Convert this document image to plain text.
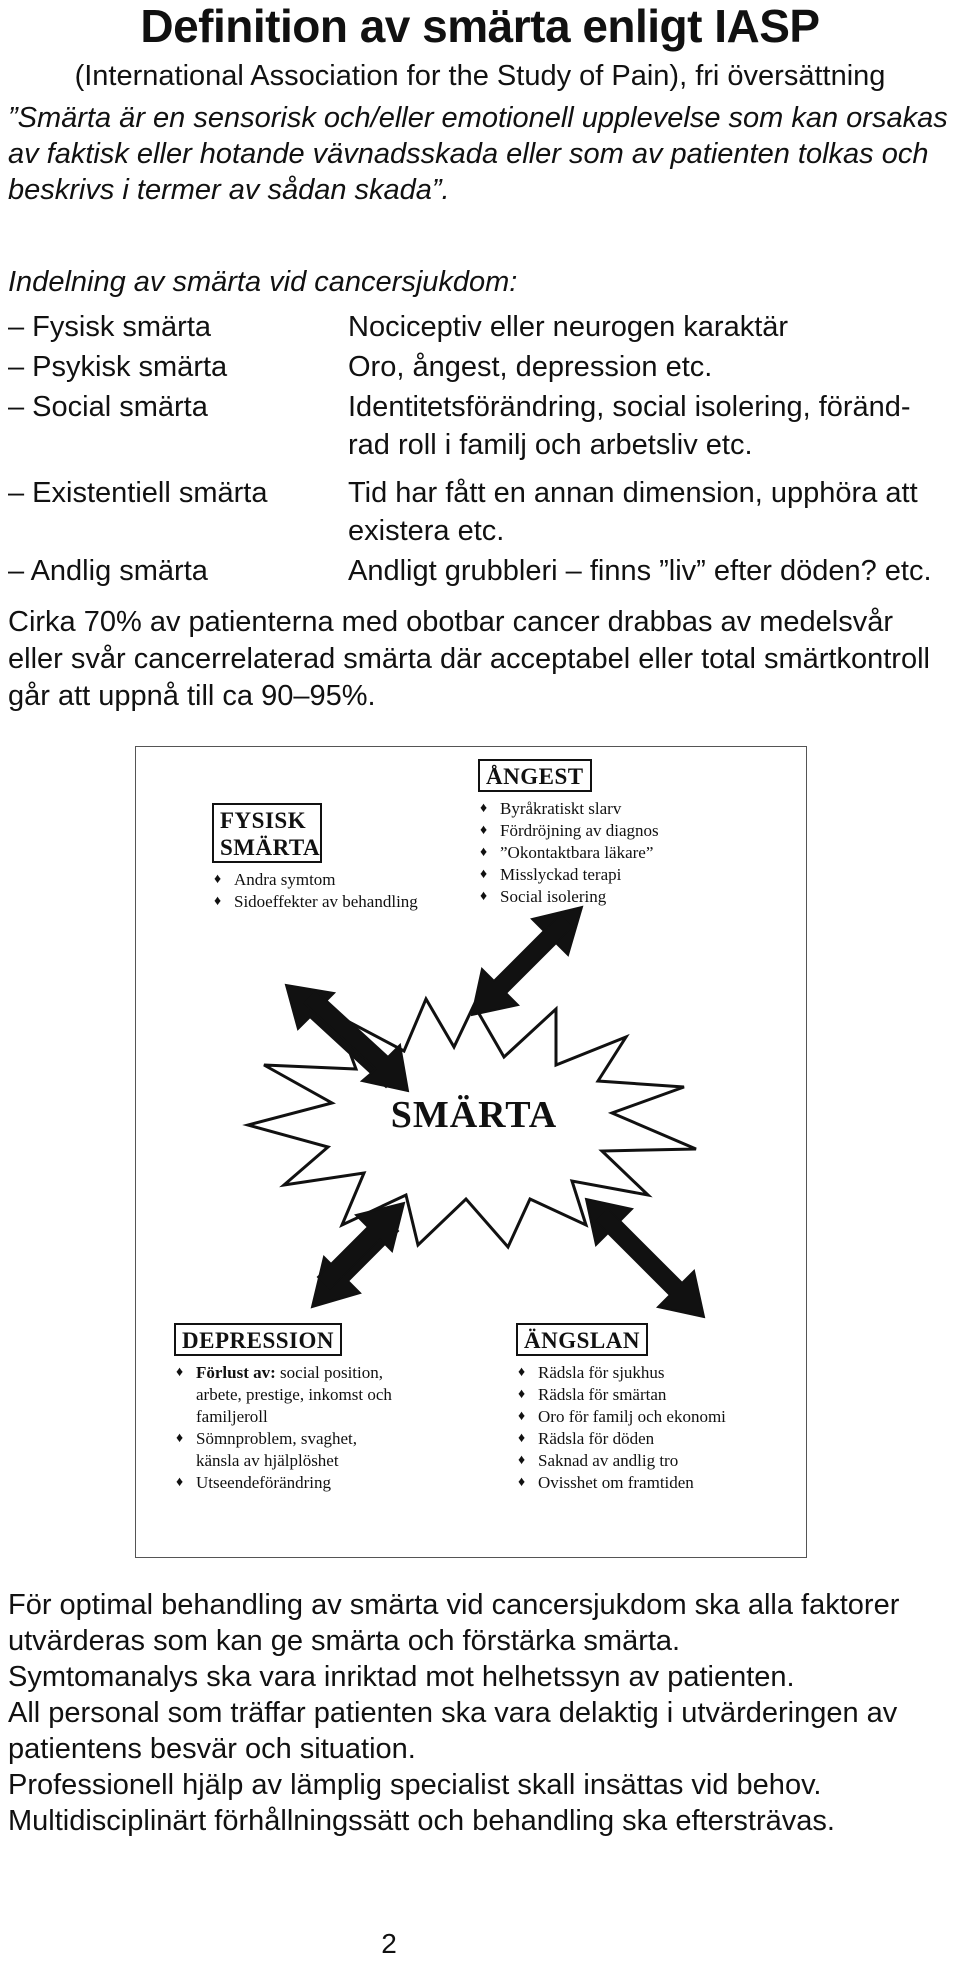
Definition av smärta enligt IASP
(International Association for the Study of Pain), fri översättning
”Smärta är en sensorisk och/eller emotionell upplevelse som kan orsakas av faktisk eller hotande vävnadsskada eller som av patienten tolkas och beskrivs i termer av sådan skada”.
Indelning av smärta vid cancersjukdom:
– Fysisk smärta	Nociceptiv eller neurogen karaktär
– Psykisk smärta	Oro, ångest, depression etc.
– Social smärta	Identitetsförändring, social isolering, föränd-rad roll i familj och arbetsliv etc.
– Existentiell smärta	Tid har fått en annan dimension, upphöra att existera etc.
– Andlig smärta	Andligt grubbleri – finns ”liv” efter döden? etc.
Cirka 70% av patienterna med obotbar cancer drabbas av medelsvår eller svår cancerrelaterad smärta där acceptabel eller total smärtkontroll går att uppnå till ca 90–95%.
SMÄRTA
FYSISK SMÄRTA
♦ Andra symtom
♦ Sidoeffekter av behandling
ÅNGEST
♦ Byråkratiskt slarv
♦ Fördröjning av diagnos
♦ ”Okontaktbara läkare”
♦ Misslyckad terapi
♦ Social isolering
DEPRESSION
♦ Förlust av: social position, arbete, prestige, inkomst och familjeroll
♦ Sömnproblem, svaghet, känsla av hjälplöshet
♦ Utseendeförändring
ÄNGSLAN
♦ Rädsla för sjukhus
♦ Rädsla för smärtan
♦ Oro för familj och ekonomi
♦ Rädsla för döden
♦ Saknad av andlig tro
♦ Ovisshet om framtiden

För optimal behandling av smärta vid cancersjukdom ska alla faktorer utvärderas som kan ge smärta och förstärka smärta.

Symtomanalys ska vara inriktad mot helhetssyn av patienten.

All personal som träffar patienten ska vara delaktig i utvärderingen av patientens besvär och situation.

Professionell hjälp av lämplig specialist skall insättas vid behov.

Multidisciplinärt förhållningssätt och behandling ska eftersträvas.

2
